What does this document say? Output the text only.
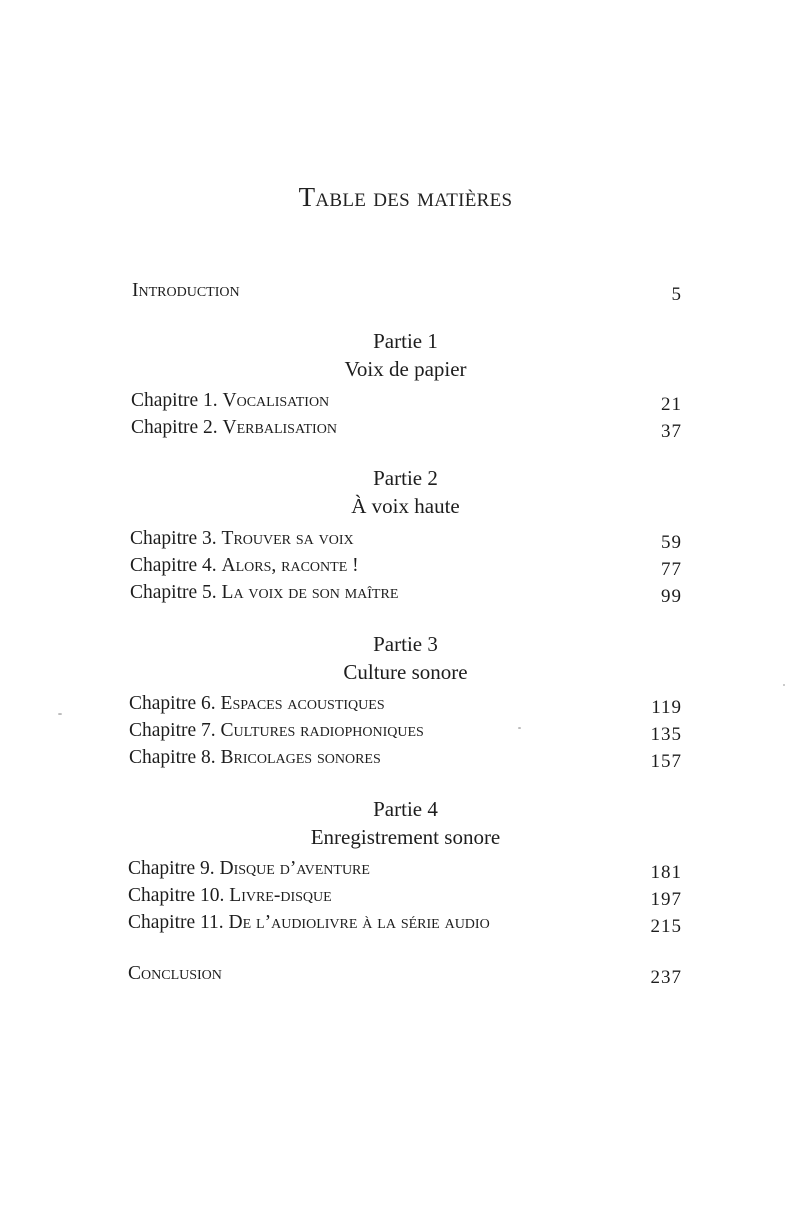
Table des matières
Introduction	5
Partie 1
Voix de papier
Chapitre 1. Vocalisation	21
Chapitre 2. Verbalisation	37
Partie 2
À voix haute
Chapitre 3. Trouver sa voix	59
Chapitre 4. Alors, raconte !	77
Chapitre 5. La voix de son maître	99
Partie 3
Culture sonore
Chapitre 6. Espaces acoustiques	119
Chapitre 7. Cultures radiophoniques	135
Chapitre 8. Bricolages sonores	157
Partie 4
Enregistrement sonore
Chapitre 9. Disque d’aventure	181
Chapitre 10. Livre-disque	197
Chapitre 11. De l’audiolivre à la série audio	215
Conclusion	237
